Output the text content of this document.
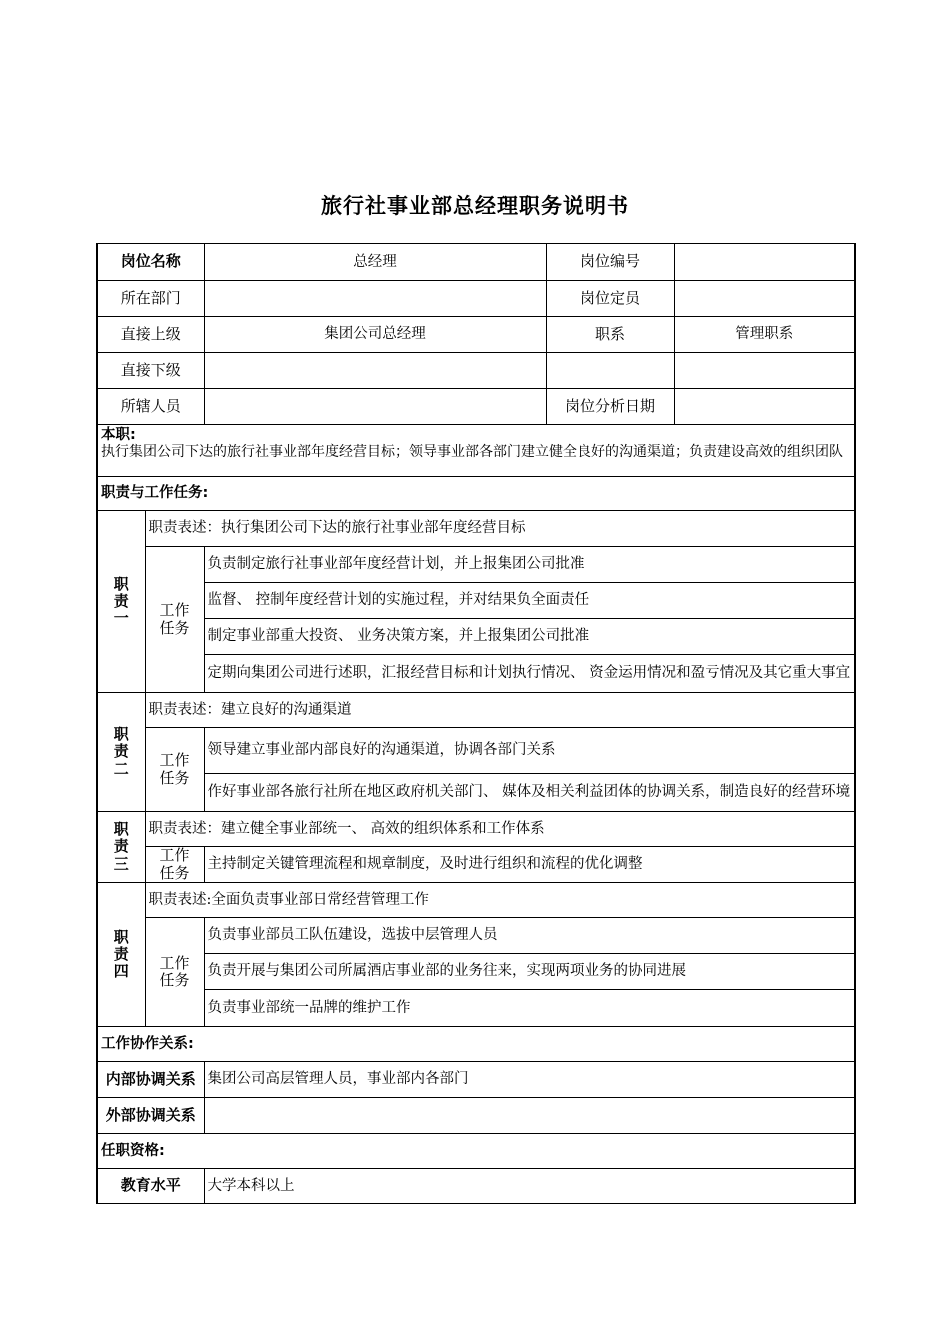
旅行社事业部总经理职务说明书
岗位名称		总经理	岗位编号	
所在部门			岗位定员	
直接上级		集团公司总经理	职系	管理职系
直接下级				
所辖人员			岗位分析日期	

本职:
执行集团公司下达的旅行社事业部年度经营目标；领导事业部各部门建立健全良好的沟通渠道；负责建设高效的组织团队				

职责与工作任务:				

职
责
一	职责表述：执行集团公司下达的旅行社事业部年度经营目标			

	工作
任务	负责制定旅行社事业部年度经营计划，并上报集团公司批准		
		监督、 控制年度经营计划的实施过程，并对结果负全面责任		
		制定事业部重大投资、 业务决策方案，并上报集团公司批准		
		定期向集团公司进行述职，汇报经营目标和计划执行情况、 资金运用情况和盈亏情况及其它重大事宜		

职
责
二	职责表述：建立良好的沟通渠道			

	工作
任务	领导建立事业部内部良好的沟通渠道，协调各部门关系		
		作好事业部各旅行社所在地区政府机关部门、 媒体及相关利益团体的协调关系，制造良好的经营环境		

职
责
三	职责表述：建立健全事业部统一、 高效的组织体系和工作体系			

	工作
任务	主持制定关键管理流程和规章制度，及时进行组织和流程的优化调整		

职
责
四	职责表述:全面负责事业部日常经营管理工作			

	工作
任务	负责事业部员工队伍建设，选拔中层管理人员		
		负责开展与集团公司所属酒店事业部的业务往来，实现两项业务的协同进展		
		负责事业部统一品牌的维护工作		
工作协作关系:				
内部协调关系		集团公司高层管理人员，事业部内各部门		
外部协调关系				
任职资格:				
教育水平		大学本科以上		
